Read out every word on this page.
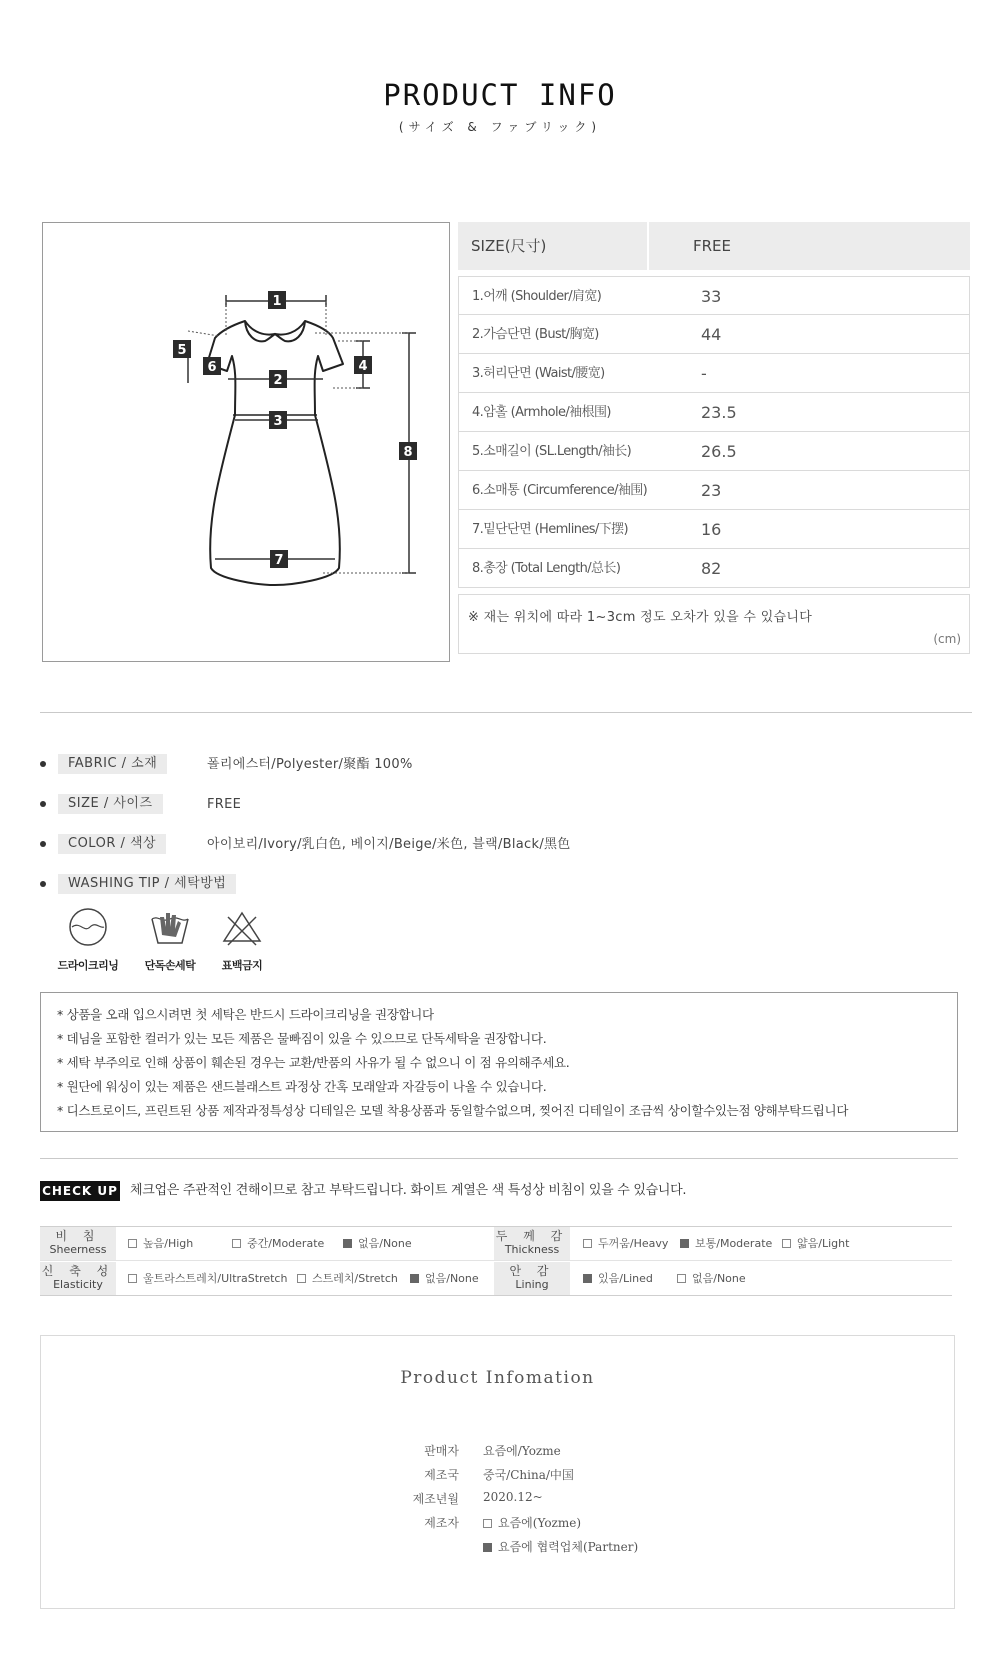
PRODUCT INFO
(サイズ & ファブリック)
1
2
3
4
5
6
7
8
SIZE(尺寸)	FREE
1.어깨 (Shoulder/肩宽)	33
2.가슴단면 (Bust/胸宽)	44
3.허리단면 (Waist/腰宽)	-
4.암홀 (Armhole/袖根围)	23.5
5.소매길이 (SL.Length/袖长)	26.5
6.소매통 (Circumference/袖围)	23
7.밑단단면 (Hemlines/下摆)	16
8.총장 (Total Length/总长)	82
※ 재는 위치에 따라 1~3cm 정도 오차가 있을 수 있습니다
(cm)
FABRIC / 소재	폴리에스터/Polyester/聚酯 100%
SIZE / 사이즈	FREE
COLOR / 색상	아이보리/Ivory/乳白色, 베이지/Beige/米色, 블랙/Black/黑色
WASHING TIP / 세탁방법
드라이크리닝	단독손세탁	표백금지
* 상품을 오래 입으시려면 첫 세탁은 반드시 드라이크리닝을 권장합니다
* 데님을 포함한 컬러가 있는 모든 제품은 물빠짐이 있을 수 있으므로 단독세탁을 권장합니다.
* 세탁 부주의로 인해 상품이 훼손된 경우는 교환/반품의 사유가 될 수 없으니 이 점 유의해주세요.
* 원단에 워싱이 있는 제품은 샌드블래스트 과정상 간혹 모래알과 자갈등이 나올 수 있습니다.
* 디스트로이드, 프린트된 상품 제작과정특성상 디테일은 모델 착용상품과 동일할수없으며, 찢어진 디테일이 조금씩 상이할수있는점 양해부탁드립니다
CHECK UP 체크업은 주관적인 견해이므로 참고 부탁드립니다. 화이트 계열은 색 특성상 비침이 있을 수 있습니다.
비 침
Sheerness	높음/High	중간/Moderate	없음/None
두 께 감
Thickness	두꺼움/Heavy	보통/Moderate	얇음/Light
신 축 성
Elasticity	울트라스트레치/UltraStretch	스트레치/Stretch	없음/None
안 감
Lining	있음/Lined	없음/None
Product Infomation
판매자 요즘에/Yozme
제조국 중국/China/中国
제조년월 2020.12~
제조자	요즘에(Yozme)
요즘에 협력업체(Partner)
